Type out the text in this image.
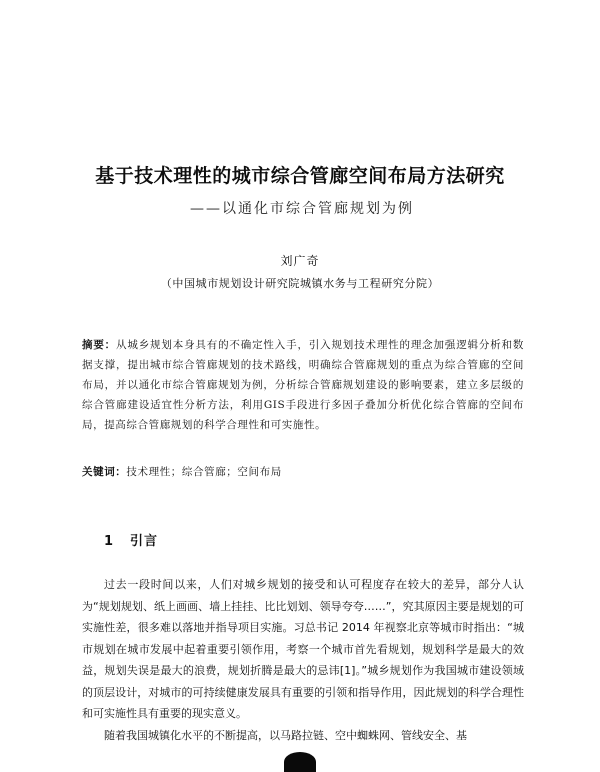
基于技术理性的城市综合管廊空间布局方法研究
——以通化市综合管廊规划为例
刘广奇
（中国城市规划设计研究院城镇水务与工程研究分院）
摘要：从城乡规划本身具有的不确定性入手，引入规划技术理性的理念加强逻辑分析和数据支撑，提出城市综合管廊规划的技术路线，明确综合管廊规划的重点为综合管廊的空间布局，并以通化市综合管廊规划为例，分析综合管廊规划建设的影响要素，建立多层级的综合管廊建设适宜性分析方法，利用GIS手段进行多因子叠加分析优化综合管廊的空间布局，提高综合管廊规划的科学合理性和可实施性。
关键词：技术理性；综合管廊；空间布局
1 引言

过去一段时间以来，人们对城乡规划的接受和认可程度存在较大的差异，部分人认为“规划规划、纸上画画、墙上挂挂、比比划划、领导夸夸……”，究其原因主要是规划的可实施性差，很多难以落地并指导项目实施。习总书记 2014 年视察北京等城市时指出：“城市规划在城市发展中起着重要引领作用，考察一个城市首先看规划，规划科学是最大的效益，规划失误是最大的浪费，规划折腾是最大的忌讳[1]。”城乡规划作为我国城市建设领域的顶层设计，对城市的可持续健康发展具有重要的引领和指导作用，因此规划的科学合理性和可实施性具有重要的现实意义。

随着我国城镇化水平的不断提高，以马路拉链、空中蜘蛛网、管线安全、基
